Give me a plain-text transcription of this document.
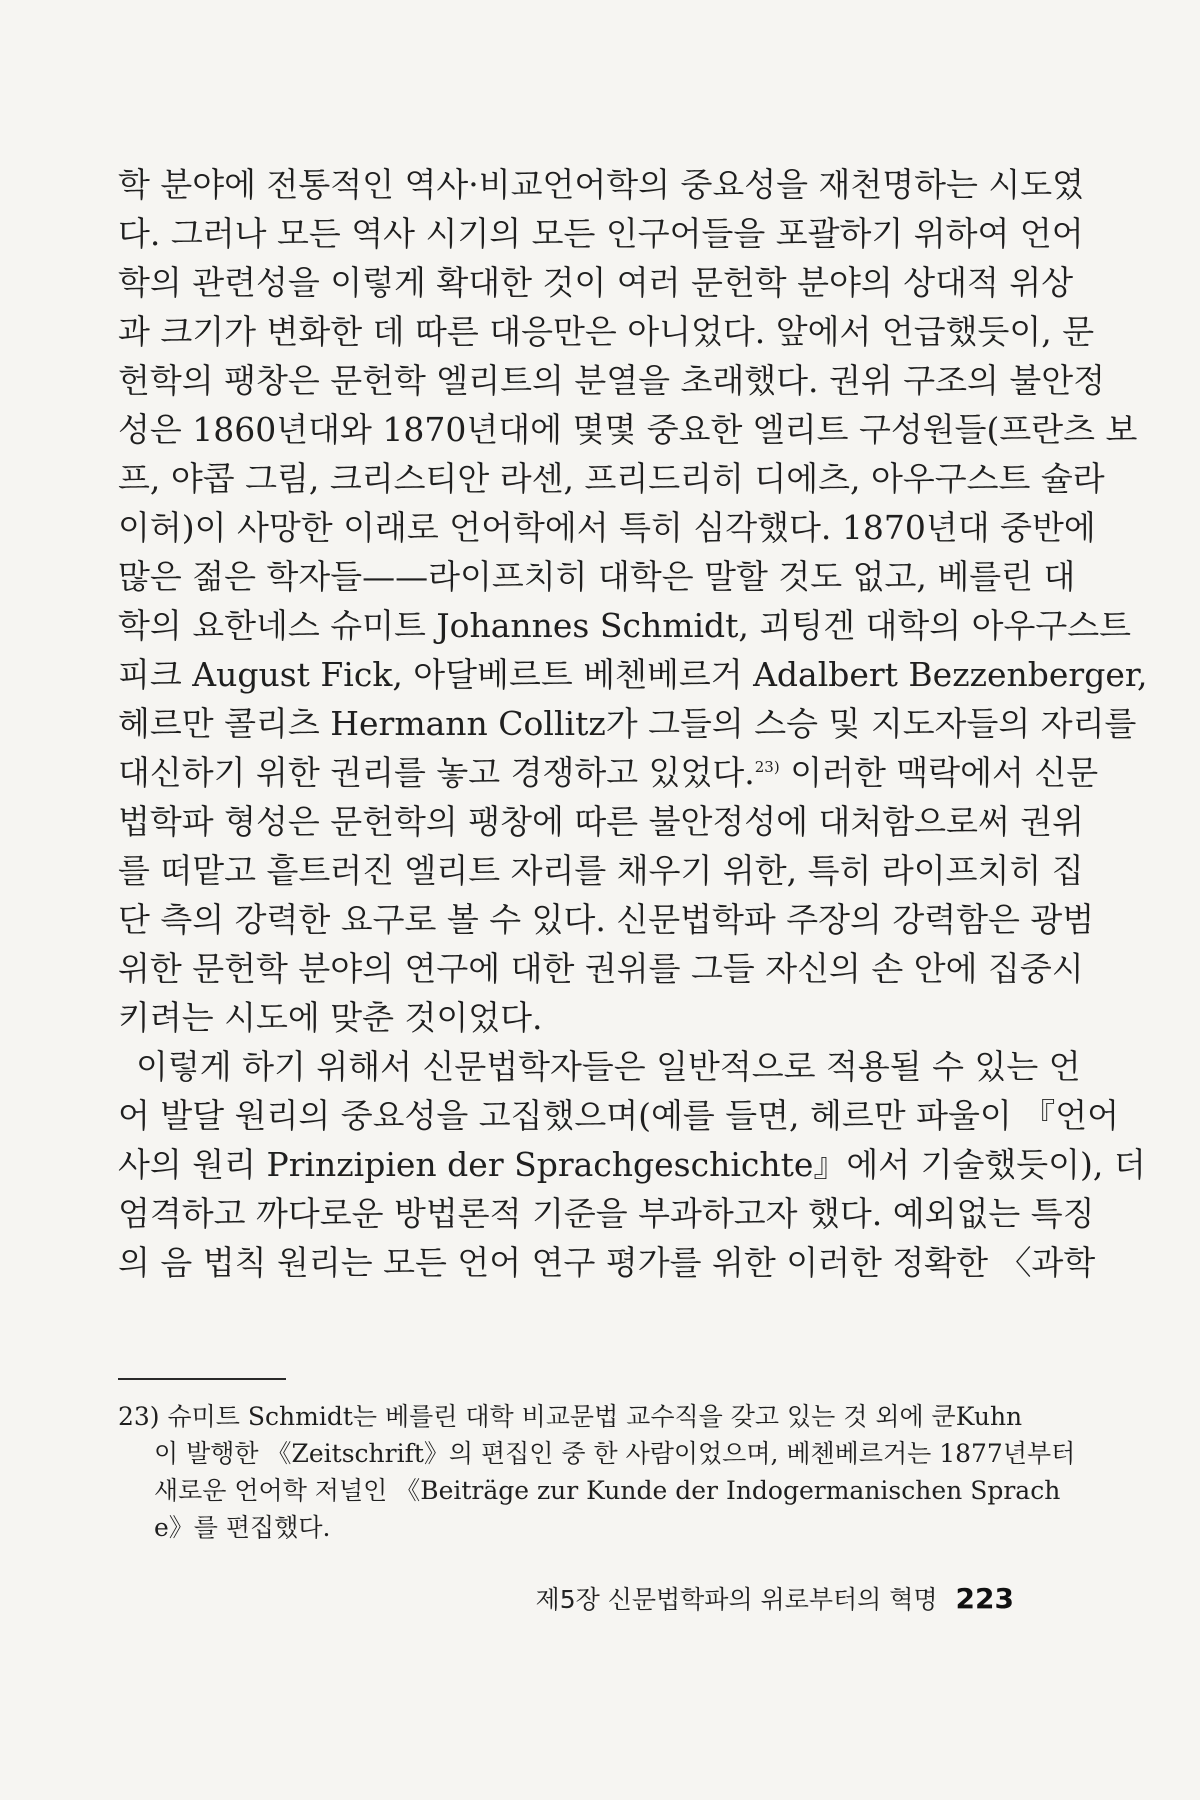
학 분야에 전통적인 역사·비교언어학의 중요성을 재천명하는 시도였
다. 그러나 모든 역사 시기의 모든 인구어들을 포괄하기 위하여 언어
학의 관련성을 이렇게 확대한 것이 여러 문헌학 분야의 상대적 위상
과 크기가 변화한 데 따른 대응만은 아니었다. 앞에서 언급했듯이, 문
헌학의 팽창은 문헌학 엘리트의 분열을 초래했다. 권위 구조의 불안정
성은 1860년대와 1870년대에 몇몇 중요한 엘리트 구성원들(프란츠 보
프, 야콥 그림, 크리스티안 라센, 프리드리히 디에츠, 아우구스트 슐라
이허)이 사망한 이래로 언어학에서 특히 심각했다. 1870년대 중반에
많은 젊은 학자들——라이프치히 대학은 말할 것도 없고, 베를린 대
학의 요한네스 슈미트 Johannes Schmidt, 괴팅겐 대학의 아우구스트
피크 August Fick, 아달베르트 베첸베르거 Adalbert Bezzenberger,
헤르만 콜리츠 Hermann Collitz가 그들의 스승 및 지도자들의 자리를
대신하기 위한 권리를 놓고 경쟁하고 있었다.$^{23)}$ 이러한 맥락에서 신문
법학파 형성은 문헌학의 팽창에 따른 불안정성에 대처함으로써 권위
를 떠맡고 흩트러진 엘리트 자리를 채우기 위한, 특히 라이프치히 집
단 측의 강력한 요구로 볼 수 있다. 신문법학파 주장의 강력함은 광범
위한 문헌학 분야의 연구에 대한 권위를 그들 자신의 손 안에 집중시
키려는 시도에 맞춘 것이었다.
이렇게 하기 위해서 신문법학자들은 일반적으로 적용될 수 있는 언
어 발달 원리의 중요성을 고집했으며(예를 들면, 헤르만 파울이 『언어
사의 원리 Prinzipien der Sprachgeschichte』에서 기술했듯이), 더
엄격하고 까다로운 방법론적 기준을 부과하고자 했다. 예외없는 특징
의 음 법칙 원리는 모든 언어 연구 평가를 위한 이러한 정확한 〈과학
23) 슈미트 Schmidt는 베를린 대학 비교문법 교수직을 갖고 있는 것 외에 쿤Kuhn
이 발행한 《Zeitschrift》의 편집인 중 한 사람이었으며, 베첸베르거는 1877년부터
새로운 언어학 저널인 《Beiträge zur Kunde der Indogermanischen Sprach
e》를 편집했다.
제5장 신문법학파의 위로부터의 혁명 223
